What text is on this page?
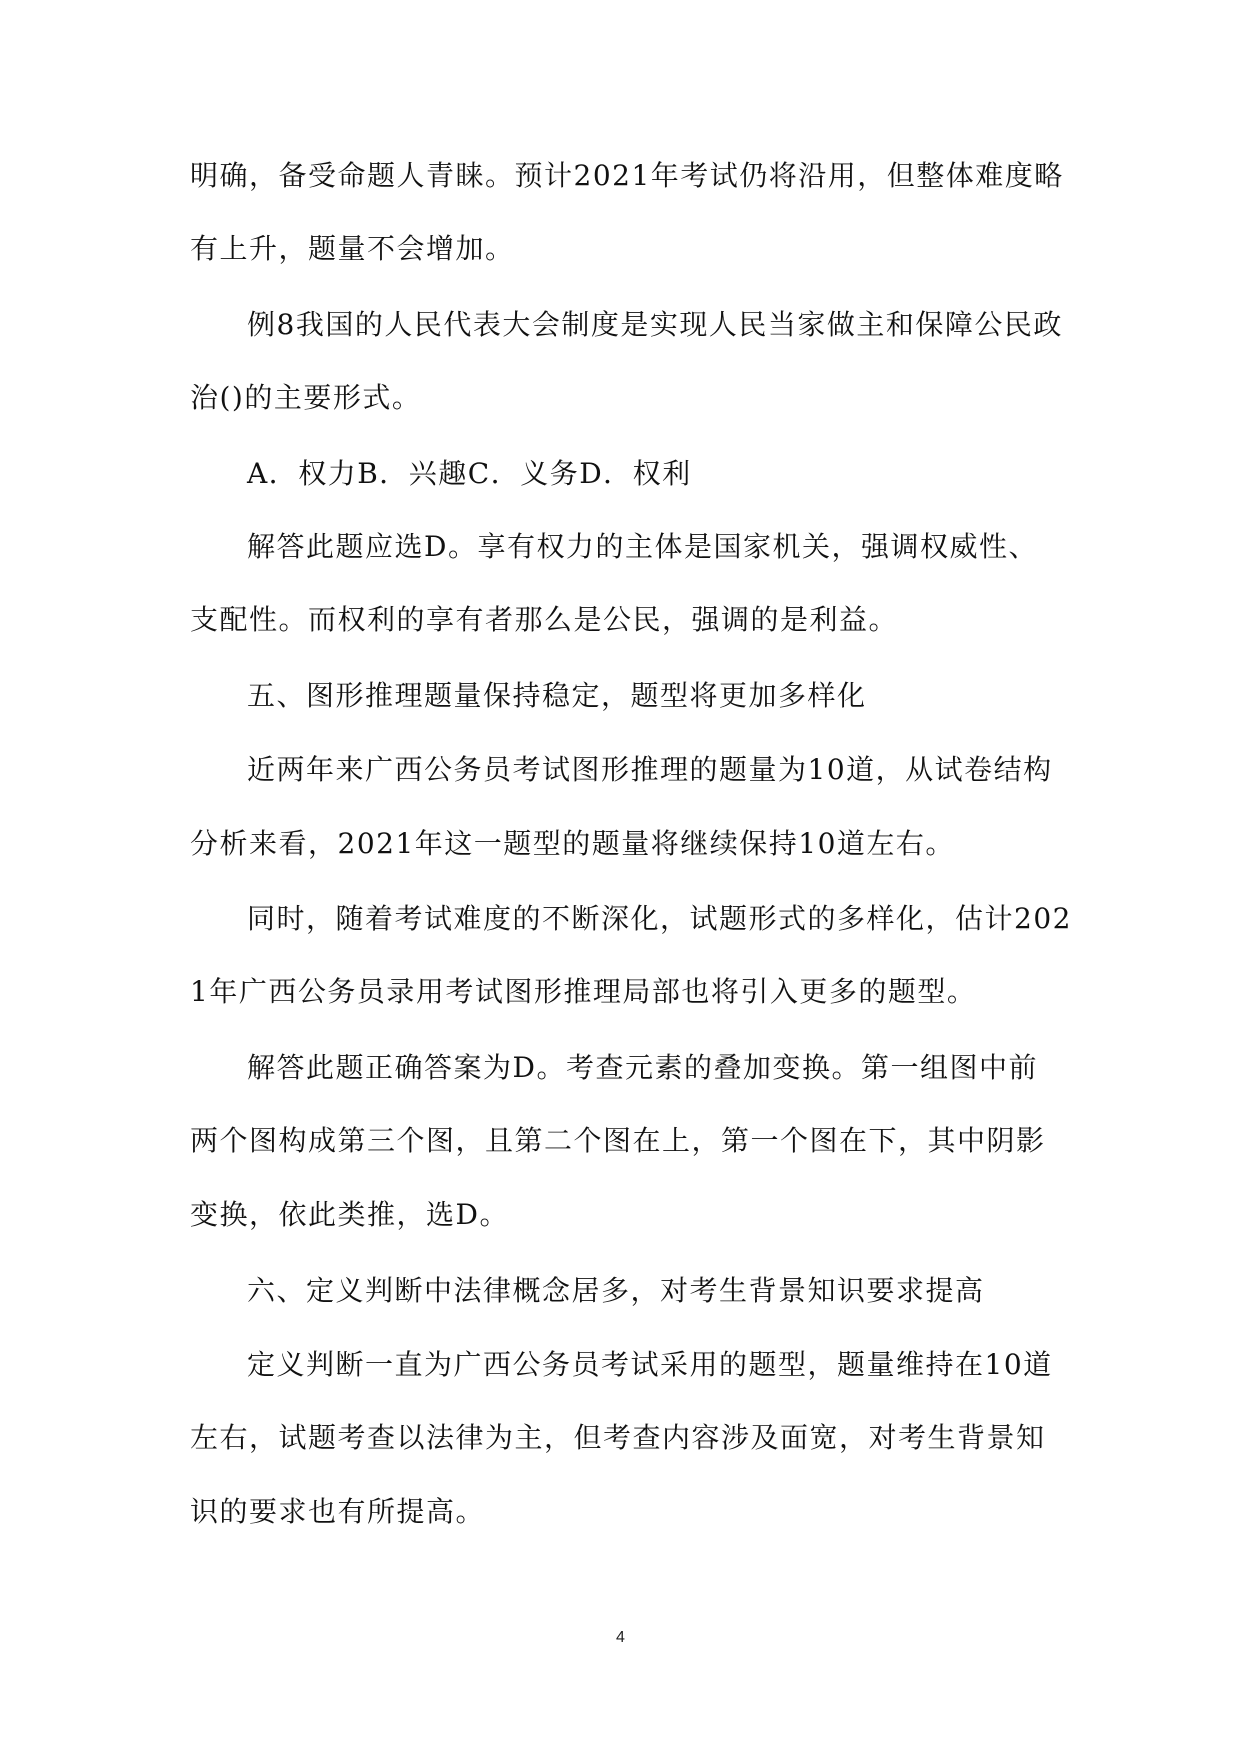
明确，备受命题人青睐。预计2021年考试仍将沿用，但整体难度略
有上升，题量不会增加。
例8我国的人民代表大会制度是实现人民当家做主和保障公民政
治()的主要形式。
A．权力B．兴趣C．义务D．权利
解答此题应选D。享有权力的主体是国家机关，强调权威性、
支配性。而权利的享有者那么是公民，强调的是利益。
五、图形推理题量保持稳定，题型将更加多样化
近两年来广西公务员考试图形推理的题量为10道，从试卷结构
分析来看，2021年这一题型的题量将继续保持10道左右。
同时，随着考试难度的不断深化，试题形式的多样化，估计202
1年广西公务员录用考试图形推理局部也将引入更多的题型。
解答此题正确答案为D。考查元素的叠加变换。第一组图中前
两个图构成第三个图，且第二个图在上，第一个图在下，其中阴影
变换，依此类推，选D。
六、定义判断中法律概念居多，对考生背景知识要求提高
定义判断一直为广西公务员考试采用的题型，题量维持在10道
左右，试题考查以法律为主，但考查内容涉及面宽，对考生背景知
识的要求也有所提高。
4
